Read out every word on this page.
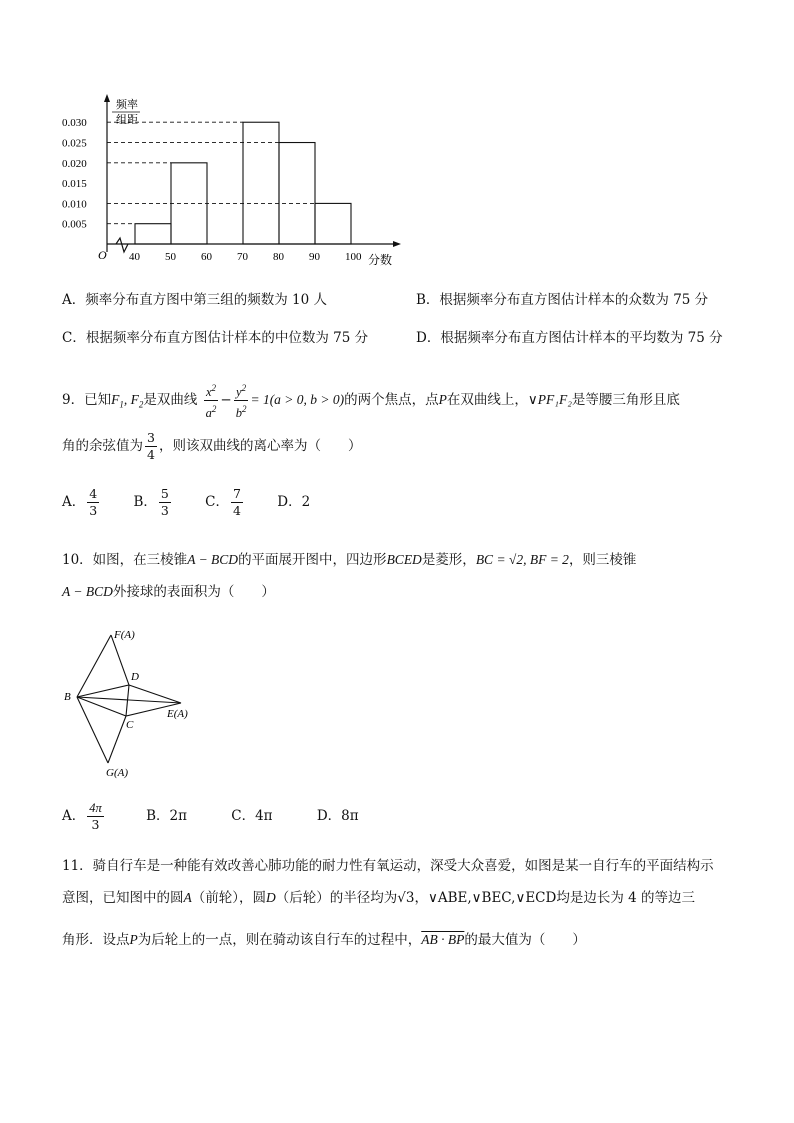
频率
组距
O	分数
0.030
0.025
0.020
0.015
0.010
0.005
40 50 60 70 80 90 100
A．频率分布直方图中第三组的频数为 10 人	B．根据频率分布直方图估计样本的众数为 75 分
C．根据频率分布直方图估计样本的中位数为 75 分	D．根据频率分布直方图估计样本的平均数为 75 分
9．已知$F_1$, $F_2$是双曲线 $\frac{x^2}{a^2} - \frac{y^2}{b^2} = 1(a > 0$, b > 0)的两个焦点，点P在双曲线上，∨PF₁F₂是等腰三角形且底
角的余弦值为 $\frac{3}{4}$ ，则该双曲线的离心率为（　　）
A． $\frac{4}{3}$	B． $\frac{5}{3}$	C． $\frac{7}{4}$	D．2
10．如图，在三棱锥A − BCD的平面展开图中，四边形BCED是菱形，BC = √2, BF = 2，则三棱锥
A − BCD外接球的表面积为（　　）
F(A)
D
B
E(A)
C
G(A)
A． $\frac{4\pi}{3}$	B．2π	C．4π	D．8π
11．骑自行车是一种能有效改善心肺功能的耐力性有氧运动，深受大众喜爱，如图是某一自行车的平面结构示
意图，已知图中的圆A（前轮），圆D（后轮）的半径均为√3，∨ABE,∨BEC,∨ECD均是边长为 4 的等边三
角形．设点P为后轮上的一点，则在骑动该自行车的过程中，AB · BP的最大值为（　　）
